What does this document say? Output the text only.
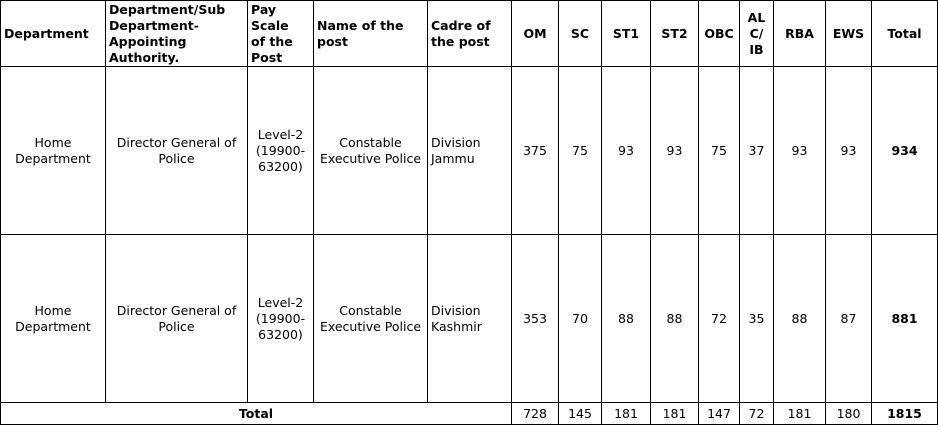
Department	Department/Sub
Department-
Appointing
Authority.	Pay
Scale
of the
Post	Name of the
post	Cadre of
the post	OM	SC	ST1	ST2	OBC	AL
C/
IB	RBA	EWS	Total
Home
Department	Director General of
Police	Level-2
(19900-
63200)	Constable
Executive Police	Division
Jammu	375	75	93	93	75	37	93	93	934
Home
Department	Director General of
Police	Level-2
(19900-
63200)	Constable
Executive Police	Division
Kashmir	353	70	88	88	72	35	88	87	881
Total					728	145	181	181	147	72	181	180	1815
